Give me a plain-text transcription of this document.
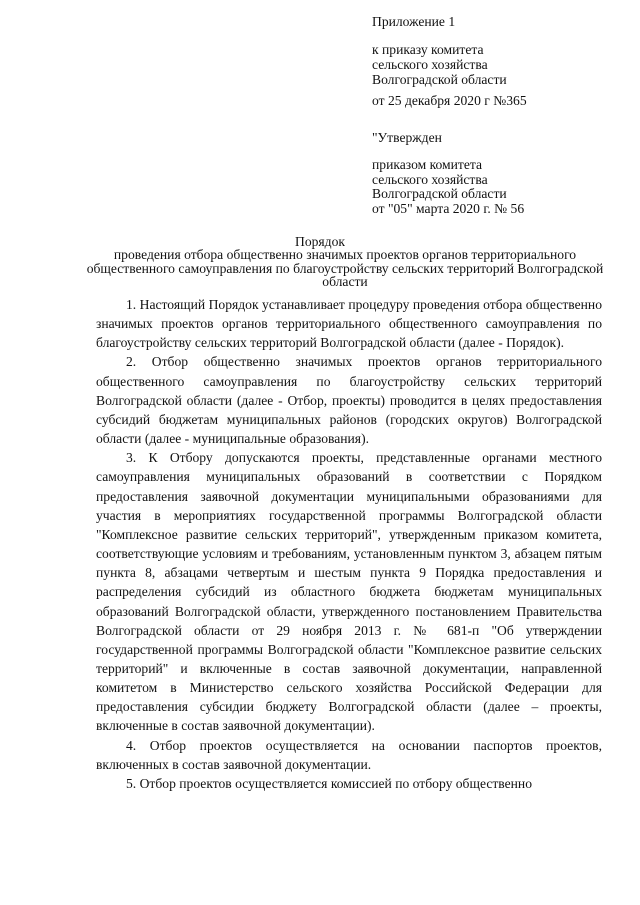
Приложение 1
к приказу комитета
сельского хозяйства
Волгоградской области
от 25 декабря 2020 г №365
"Утвержден
приказом комитета
сельского хозяйства
Волгоградской области
от "05" марта 2020 г. № 56
Порядок
проведения отбора общественно значимых проектов органов территориального общественного самоуправления по благоустройству сельских территорий Волгоградской области

1. Настоящий Порядок устанавливает процедуру проведения отбора общественно значимых проектов органов территориального общественного самоуправления по благоустройству сельских территорий Волгоградской области (далее - Порядок).

2. Отбор общественно значимых проектов органов территориального общественного самоуправления по благоустройству сельских территорий Волгоградской области (далее - Отбор, проекты) проводится в целях предоставления субсидий бюджетам муниципальных районов (городских округов) Волгоградской области (далее - муниципальные образования).

3. К Отбору допускаются проекты, представленные органами местного самоуправления муниципальных образований в соответствии с Порядком предоставления заявочной документации муниципальными образованиями для участия в мероприятиях государственной программы Волгоградской области "Комплексное развитие сельских территорий", утвержденным приказом комитета, соответствующие условиям и требованиям, установленным пунктом 3, абзацем пятым пункта 8, абзацами четвертым и шестым пункта 9 Порядка предоставления и распределения субсидий из областного бюджета бюджетам муниципальных образований Волгоградской области, утвержденного постановлением Правительства Волгоградской области от 29 ноября 2013 г. № 681-п "Об утверждении государственной программы Волгоградской области "Комплексное развитие сельских территорий" и включенные в состав заявочной документации, направленной комитетом в Министерство сельского хозяйства Российской Федерации для предоставления субсидии бюджету Волгоградской области (далее – проекты, включенные в состав заявочной документации).

4. Отбор проектов осуществляется на основании паспортов проектов, включенных в состав заявочной документации.

5. Отбор проектов осуществляется комиссией по отбору общественно
